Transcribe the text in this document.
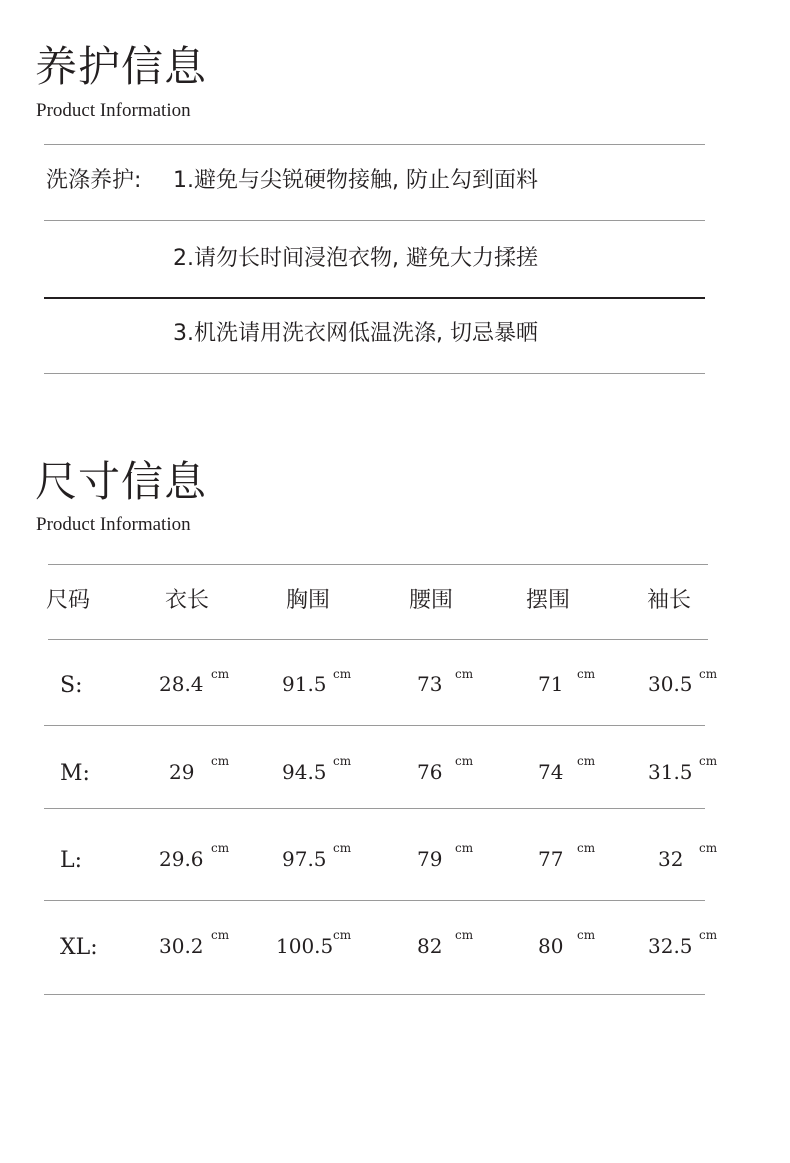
养护信息
Product Information
洗涤养护: 1.避免与尖锐硬物接触, 防止勾到面料
2.请勿长时间浸泡衣物, 避免大力揉搓
3.机洗请用洗衣网低温洗涤, 切忌暴晒
尺寸信息
Product Information
尺码	衣长	胸围	腰围	摆围	袖长
S:	28.4 cm	91.5 cm	73 cm	71 cm	30.5 cm
M:	29 cm	94.5 cm	76 cm	74 cm	31.5 cm
L:	29.6 cm	97.5 cm	79 cm	77 cm	32 cm
XL:	30.2 cm 100.5 cm	82 cm	80 cm	32.5 cm
